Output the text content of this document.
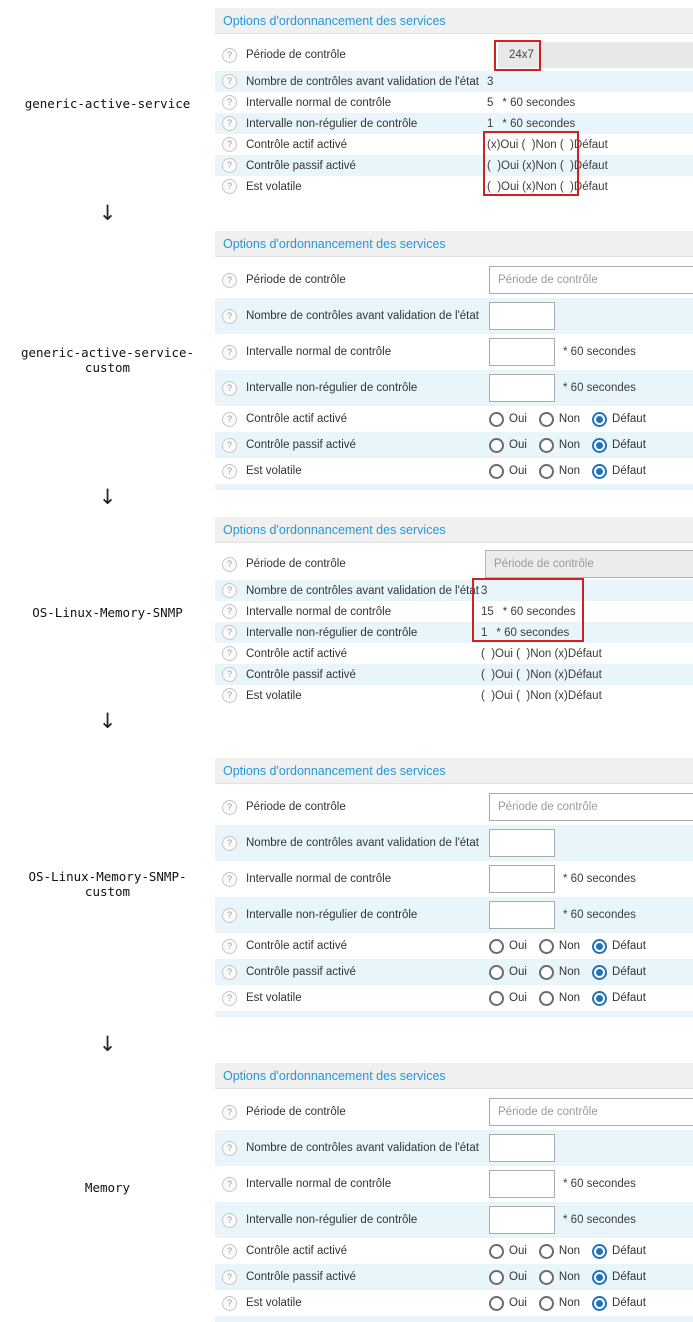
generic-active-service
↓
generic-active-service-custom
↓
OS-Linux-Memory-SNMP
↓
OS-Linux-Memory-SNMP-custom
↓
Memory
Options d'ordonnancement des services
?	Période de contrôle	24x7
?	Nombre de contrôles avant validation de l'état 3
?	Intervalle normal de contrôle	5 * 60 secondes
?	Intervalle non-régulier de contrôle	1 * 60 secondes
?	Contrôle actif activé	(x)Oui (  )Non (  )Défaut
?	Contrôle passif activé	(  )Oui (x)Non (  )Défaut
?	Est volatile	(  )Oui (x)Non (  )Défaut
Options d'ordonnancement des services
?	Période de contrôle
Période de contrôle
?	Nombre de contrôles avant validation de l'état
?	Intervalle normal de contrôle	* 60 secondes
?	Intervalle non-régulier de contrôle	* 60 secondes
?	Contrôle actif activé	Oui	Non	Défaut
?	Contrôle passif activé	Oui	Non	Défaut
?	Est volatile	Oui	Non	Défaut
Options d'ordonnancement des services
?	Période de contrôle
Période de contrôle
?	Nombre de contrôles avant validation de l'état 3
?	Intervalle normal de contrôle	15 * 60 secondes
?	Intervalle non-régulier de contrôle	1 * 60 secondes
?	Contrôle actif activé	(  )Oui (  )Non (x)Défaut
?	Contrôle passif activé	(  )Oui (  )Non (x)Défaut
?	Est volatile	(  )Oui (  )Non (x)Défaut
Options d'ordonnancement des services
?	Période de contrôle
Période de contrôle
?	Nombre de contrôles avant validation de l'état
?	Intervalle normal de contrôle	* 60 secondes
?	Intervalle non-régulier de contrôle	* 60 secondes
?	Contrôle actif activé	Oui	Non	Défaut
?	Contrôle passif activé	Oui	Non	Défaut
?	Est volatile	Oui	Non	Défaut
Options d'ordonnancement des services
?	Période de contrôle
Période de contrôle
?	Nombre de contrôles avant validation de l'état
?	Intervalle normal de contrôle	* 60 secondes
?	Intervalle non-régulier de contrôle	* 60 secondes
?	Contrôle actif activé	Oui	Non	Défaut
?	Contrôle passif activé	Oui	Non	Défaut
?	Est volatile	Oui	Non	Défaut
